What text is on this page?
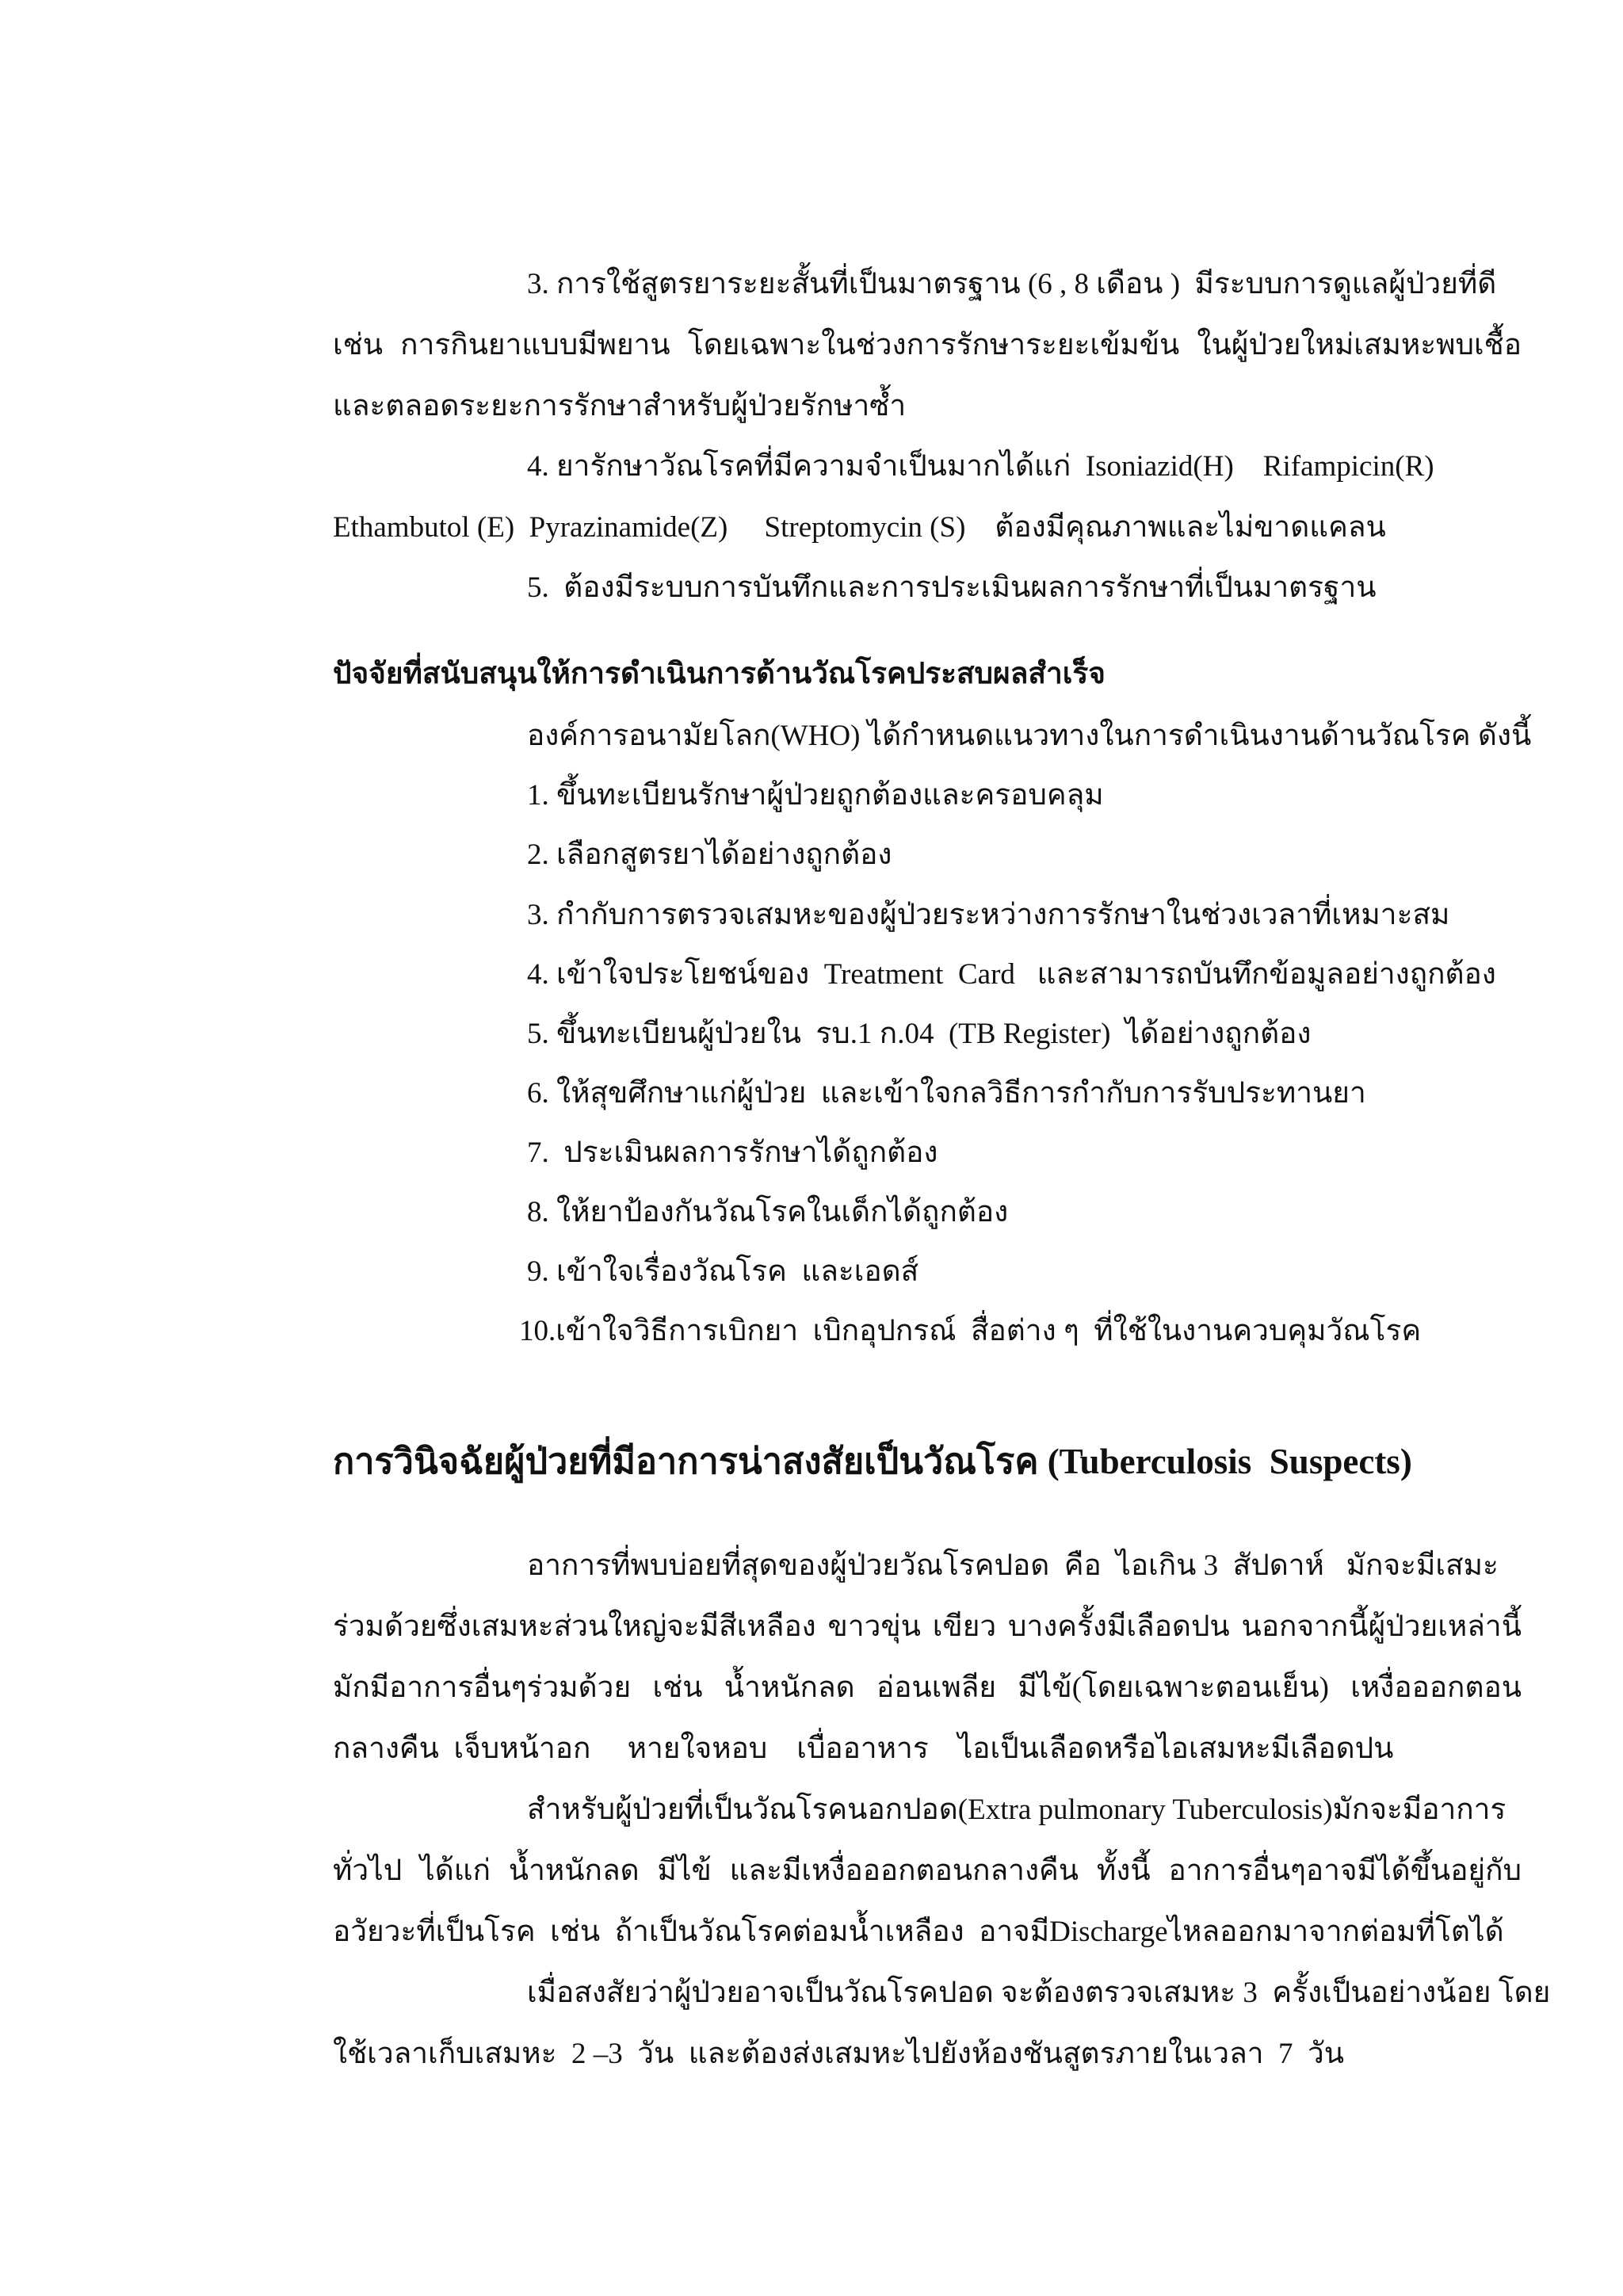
3. การใช้สูตรยาระยะสั้นที่เป็นมาตรฐาน (6 , 8 เดือน )  มีระบบการดูแลผู้ป่วยที่ดี
เช่น การกินยาแบบมีพยาน โดยเฉพาะในช่วงการรักษาระยะเข้มข้น ในผู้ป่วยใหม่เสมหะพบเชื้อ
และตลอดระยะการรักษาสำหรับผู้ป่วยรักษาซ้ำ
4. ยารักษาวัณโรคที่มีความจำเป็นมากได้แก่  Isoniazid(H)    Rifampicin(R)
Ethambutol (E)  Pyrazinamide(Z)     Streptomycin (S)    ต้องมีคุณภาพและไม่ขาดแคลน
5.  ต้องมีระบบการบันทึกและการประเมินผลการรักษาที่เป็นมาตรฐาน
ปัจจัยที่สนับสนุนให้การดำเนินการด้านวัณโรคประสบผลสำเร็จ
องค์การอนามัยโลก(WHO) ได้กำหนดแนวทางในการดำเนินงานด้านวัณโรค ดังนี้
1. ขึ้นทะเบียนรักษาผู้ป่วยถูกต้องและครอบคลุม
2. เลือกสูตรยาได้อย่างถูกต้อง
3. กำกับการตรวจเสมหะของผู้ป่วยระหว่างการรักษาในช่วงเวลาที่เหมาะสม
4. เข้าใจประโยชน์ของ  Treatment  Card   และสามารถบันทึกข้อมูลอย่างถูกต้อง
5. ขึ้นทะเบียนผู้ป่วยใน  รบ.1 ก.04  (TB Register)  ได้อย่างถูกต้อง
6. ให้สุขศึกษาแก่ผู้ป่วย  และเข้าใจกลวิธีการกำกับการรับประทานยา
7.  ประเมินผลการรักษาได้ถูกต้อง
8. ให้ยาป้องกันวัณโรคในเด็กได้ถูกต้อง
9. เข้าใจเรื่องวัณโรค  และเอดส์
10.เข้าใจวิธีการเบิกยา  เบิกอุปกรณ์  สื่อต่าง ๆ  ที่ใช้ในงานควบคุมวัณโรค
การวินิจฉัยผู้ป่วยที่มีอาการน่าสงสัยเป็นวัณโรค (Tuberculosis  Suspects)
อาการที่พบบ่อยที่สุดของผู้ป่วยวัณโรคปอด  คือ  ไอเกิน 3  สัปดาห์   มักจะมีเสมะ
ร่วมด้วยซึ่งเสมหะส่วนใหญ่จะมีสีเหลือง ขาวขุ่น เขียว บางครั้งมีเลือดปน นอกจากนี้ผู้ป่วยเหล่านี้
มักมีอาการอื่นๆร่วมด้วย เช่น น้ำหนักลด อ่อนเพลีย มีไข้(โดยเฉพาะตอนเย็น) เหงื่อออกตอน
กลางคืน  เจ็บหน้าอก     หายใจหอบ    เบื่ออาหาร    ไอเป็นเลือดหรือไอเสมหะมีเลือดปน
สำหรับผู้ป่วยที่เป็นวัณโรคนอกปอด(Extra pulmonary Tuberculosis)มักจะมีอาการ
ทั่วไป ได้แก่ น้ำหนักลด มีไข้ และมีเหงื่อออกตอนกลางคืน ทั้งนี้ อาการอื่นๆอาจมีได้ขึ้นอยู่กับ
อวัยวะที่เป็นโรค  เช่น  ถ้าเป็นวัณโรคต่อมน้ำเหลือง  อาจมีDischargeไหลออกมาจากต่อมที่โตได้
เมื่อสงสัยว่าผู้ป่วยอาจเป็นวัณโรคปอด จะต้องตรวจเสมหะ 3  ครั้งเป็นอย่างน้อย โดย
ใช้เวลาเก็บเสมหะ  2 –3  วัน  และต้องส่งเสมหะไปยังห้องชันสูตรภายในเวลา  7  วัน
